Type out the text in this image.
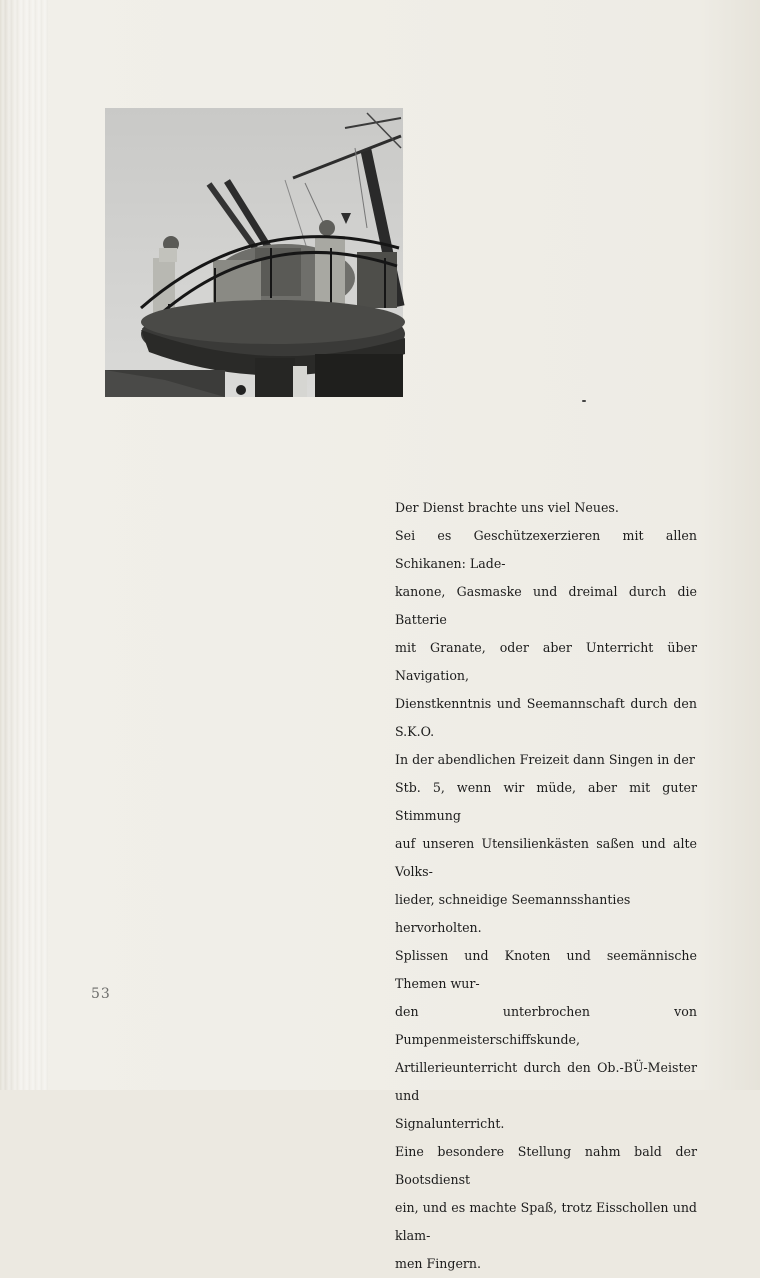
Der Dienst brachte uns viel Neues.

Sei es Geschützexerzieren mit allen Schikanen: Lade-

kanone, Gasmaske und dreimal durch die Batterie

mit Granate, oder aber Unterricht über Navigation,

Dienstkenntnis und Seemannschaft durch den S.K.O.

In der abendlichen Freizeit dann Singen in der

Stb. 5, wenn wir müde, aber mit guter Stimmung

auf unseren Utensilienkästen saßen und alte Volks-

lieder, schneidige Seemannsshanties hervorholten.

Splissen und Knoten und seemännische Themen wur-

den unterbrochen von Pumpenmeisterschiffskunde,

Artillerieunterricht durch den Ob.-BÜ-Meister und

Signalunterricht.

Eine besondere Stellung nahm bald der Bootsdienst

ein, und es machte Spaß, trotz Eisschollen und klam-

men Fingern.

53
